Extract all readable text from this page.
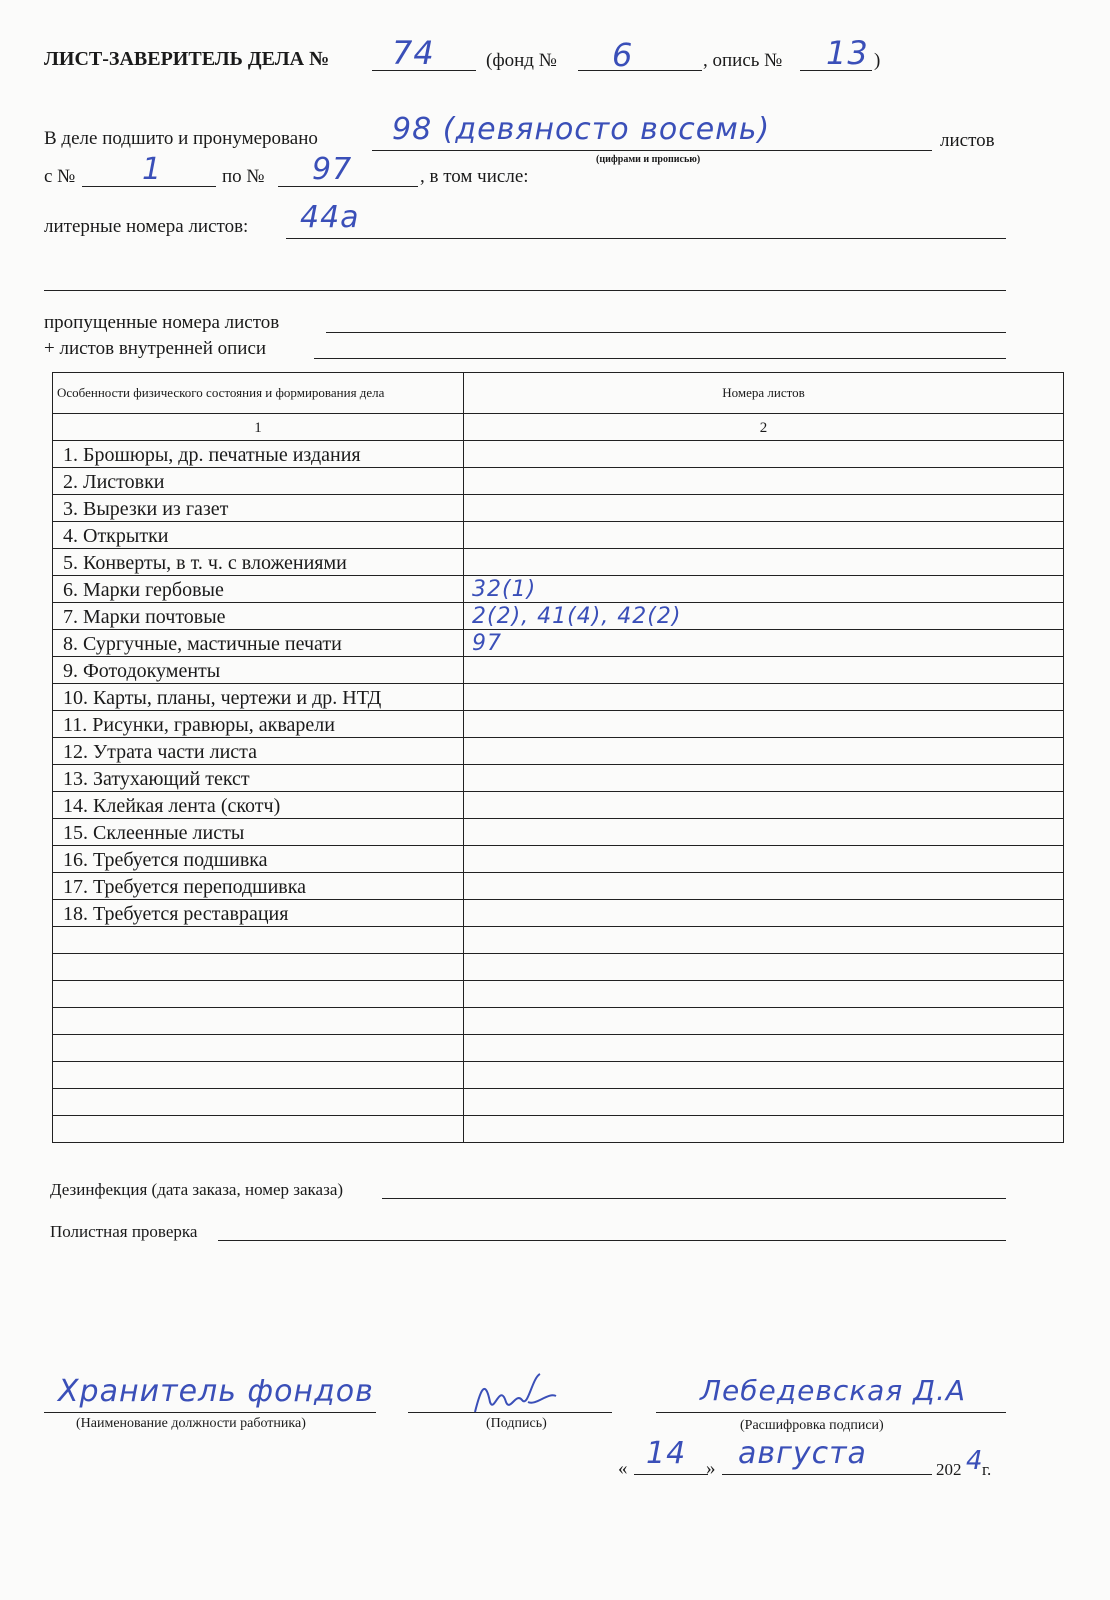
ЛИСТ-ЗАВЕРИТЕЛЬ ДЕЛА № 74	(фонд № 6	, опись № 13 )
В деле подшито и пронумеровано 98 (девяносто восемь)
(цифрами и прописью)
листов
с № 1	по № 97	, в том числе:
литерные номера листов: 44а
пропущенные номера листов
+ листов внутренней описи
Особенности физического состояния и формирования дела	Номера листов
1	2
1. Брошюры, др. печатные издания	

2. Листовки	

3. Вырезки из газет	

4. Открытки	

5. Конверты, в т. ч. с вложениями	

6. Марки гербовые	32(1)

7. Марки почтовые	2(2), 41(4), 42(2)

8. Сургучные, мастичные печати	97

9. Фотодокументы	

10. Карты, планы, чертежи и др. НТД	

11. Рисунки, гравюры, акварели	

12. Утрата части листа	

13. Затухающий текст	

14. Клейкая лента (скотч)	

15. Склеенные листы	

16. Требуется подшивка	

17. Требуется переподшивка	

18. Требуется реставрация	

Дезинфекция (дата заказа, номер заказа)
Полистная проверка
Хранитель фондов
(Наименование должности работника)	(Подпись)
Лебедевская Д.А
(Расшифровка подписи)
« 14 » августа	202 4
г.
